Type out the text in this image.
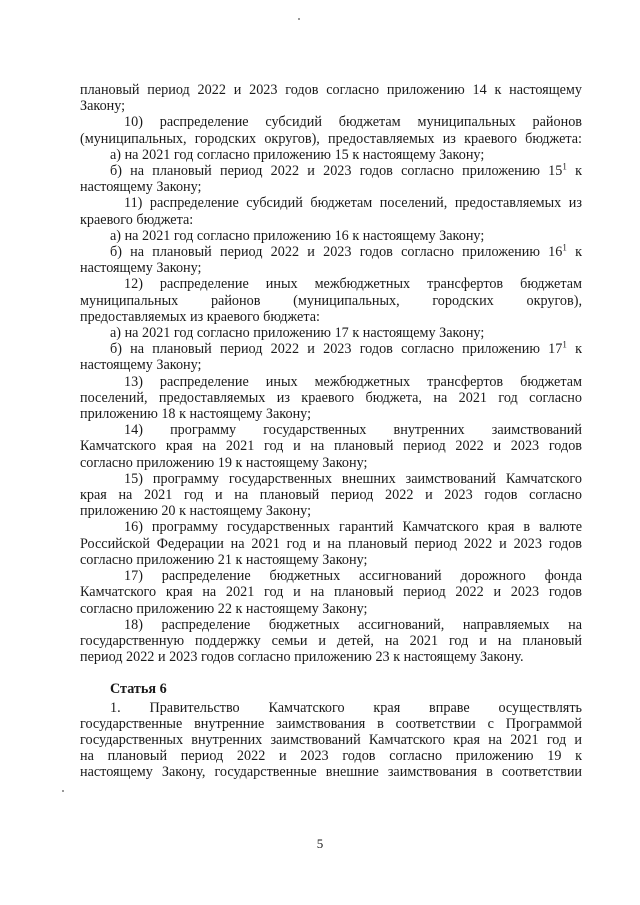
плановый период 2022 и 2023 годов согласно приложению 14 к настоящему

Закону;

10) распределение субсидий бюджетам муниципальных районов

(муниципальных, городских округов), предоставляемых из краевого бюджета:

а) на 2021 год согласно приложению 15 к настоящему Закону;

б) на плановый период 2022 и 2023 годов согласно приложению $15^1$ к

настоящему Закону;

11) распределение субсидий бюджетам поселений, предоставляемых из

краевого бюджета:

а) на 2021 год согласно приложению 16 к настоящему Закону;

б) на плановый период 2022 и 2023 годов согласно приложению $16^1$ к

настоящему Закону;

12) распределение иных межбюджетных трансфертов бюджетам

муниципальных районов (муниципальных, городских округов),

предоставляемых из краевого бюджета:

а) на 2021 год согласно приложению 17 к настоящему Закону;

б) на плановый период 2022 и 2023 годов согласно приложению $17^1$ к

настоящему Закону;

13) распределение иных межбюджетных трансфертов бюджетам

поселений, предоставляемых из краевого бюджета, на 2021 год согласно

приложению 18 к настоящему Закону;

14) программу государственных внутренних заимствований

Камчатского края на 2021 год и на плановый период 2022 и 2023 годов

согласно приложению 19 к настоящему Закону;

15) программу государственных внешних заимствований Камчатского

края на 2021 год и на плановый период 2022 и 2023 годов согласно

приложению 20 к настоящему Закону;

16) программу государственных гарантий Камчатского края в валюте

Российской Федерации на 2021 год и на плановый период 2022 и 2023 годов

согласно приложению 21 к настоящему Закону;

17) распределение бюджетных ассигнований дорожного фонда

Камчатского края на 2021 год и на плановый период 2022 и 2023 годов

согласно приложению 22 к настоящему Закону;

18) распределение бюджетных ассигнований, направляемых на

государственную поддержку семьи и детей, на 2021 год и на плановый

период 2022 и 2023 годов согласно приложению 23 к настоящему Закону.

Статья 6

1. Правительство Камчатского края вправе осуществлять

государственные внутренние заимствования в соответствии с Программой

государственных внутренних заимствований Камчатского края на 2021 год и

на плановый период 2022 и 2023 годов согласно приложению 19 к

настоящему Закону, государственные внешние заимствования в соответствии

5
